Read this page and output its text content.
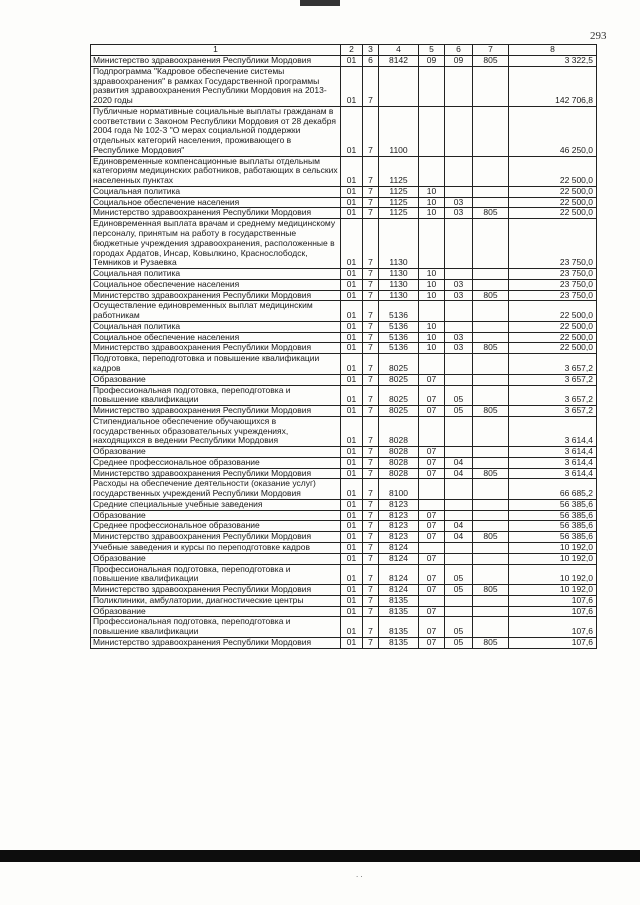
293
1	2	3	4	5	6	7	8
Министерство здравоохранения Республики Мордовия	01	6	8142	09	09	805	3 322,5
Подпрограмма "Кадровое обеспечение системы здравоохранения" в рамках Государственной программы развития здравоохранения Республики Мордовия на 2013-2020 годы	01	7					142 706,8
Публичные нормативные социальные выплаты гражданам в соответствии с Законом Республики Мордовия от 28 декабря 2004 года № 102-З "О мерах социальной поддержки отдельных категорий населения, проживающего в Республике Мордовия"	01	7	1100				46 250,0
Единовременные компенсационные выплаты отдельным категориям медицинских работников, работающих в сельских населенных пунктах	01	7	1125				22 500,0
Социальная политика	01	7	1125	10			22 500,0
Социальное обеспечение населения	01	7	1125	10	03		22 500,0
Министерство здравоохранения Республики Мордовия	01	7	1125	10	03	805	22 500,0
Единовременная выплата врачам и среднему медицинскому персоналу, принятым на работу в государственные бюджетные учреждения здравоохранения, расположенные в городах Ардатов, Инсар, Ковылкино, Краснослободск, Темников и Рузаевка	01	7	1130				23 750,0
Социальная политика	01	7	1130	10			23 750,0
Социальное обеспечение населения	01	7	1130	10	03		23 750,0
Министерство здравоохранения Республики Мордовия	01	7	1130	10	03	805	23 750,0
Осуществление единовременных выплат медицинским работникам	01	7	5136				22 500,0
Социальная политика	01	7	5136	10			22 500,0
Социальное обеспечение населения	01	7	5136	10	03		22 500,0
Министерство здравоохранения Республики Мордовия	01	7	5136	10	03	805	22 500,0
Подготовка, переподготовка и повышение квалификации кадров	01	7	8025				3 657,2
Образование	01	7	8025	07			3 657,2
Профессиональная подготовка, переподготовка и повышение квалификации	01	7	8025	07	05		3 657,2
Министерство здравоохранения Республики Мордовия	01	7	8025	07	05	805	3 657,2
Стипендиальное обеспечение обучающихся в государственных образовательных учреждениях, находящихся в ведении Республики Мордовия	01	7	8028				3 614,4
Образование	01	7	8028	07			3 614,4
Среднее профессиональное образование	01	7	8028	07	04		3 614,4
Министерство здравоохранения Республики Мордовия	01	7	8028	07	04	805	3 614,4
Расходы на обеспечение деятельности (оказание услуг) государственных учреждений Республики Мордовия	01	7	8100				66 685,2
Средние специальные учебные заведения	01	7	8123				56 385,6
Образование	01	7	8123	07			56 385,6
Среднее профессиональное образование	01	7	8123	07	04		56 385,6
Министерство здравоохранения Республики Мордовия	01	7	8123	07	04	805	56 385,6
Учебные заведения и курсы по переподготовке кадров	01	7	8124				10 192,0
Образование	01	7	8124	07			10 192,0
Профессиональная подготовка, переподготовка и повышение квалификации	01	7	8124	07	05		10 192,0
Министерство здравоохранения Республики Мордовия	01	7	8124	07	05	805	10 192,0
Поликлиники, амбулатории, диагностические центры	01	7	8135				107,6
Образование	01	7	8135	07			107,6
Профессиональная подготовка, переподготовка и повышение квалификации	01	7	8135	07	05		107,6
Министерство здравоохранения Республики Мордовия	01	7	8135	07	05	805	107,6
. .
